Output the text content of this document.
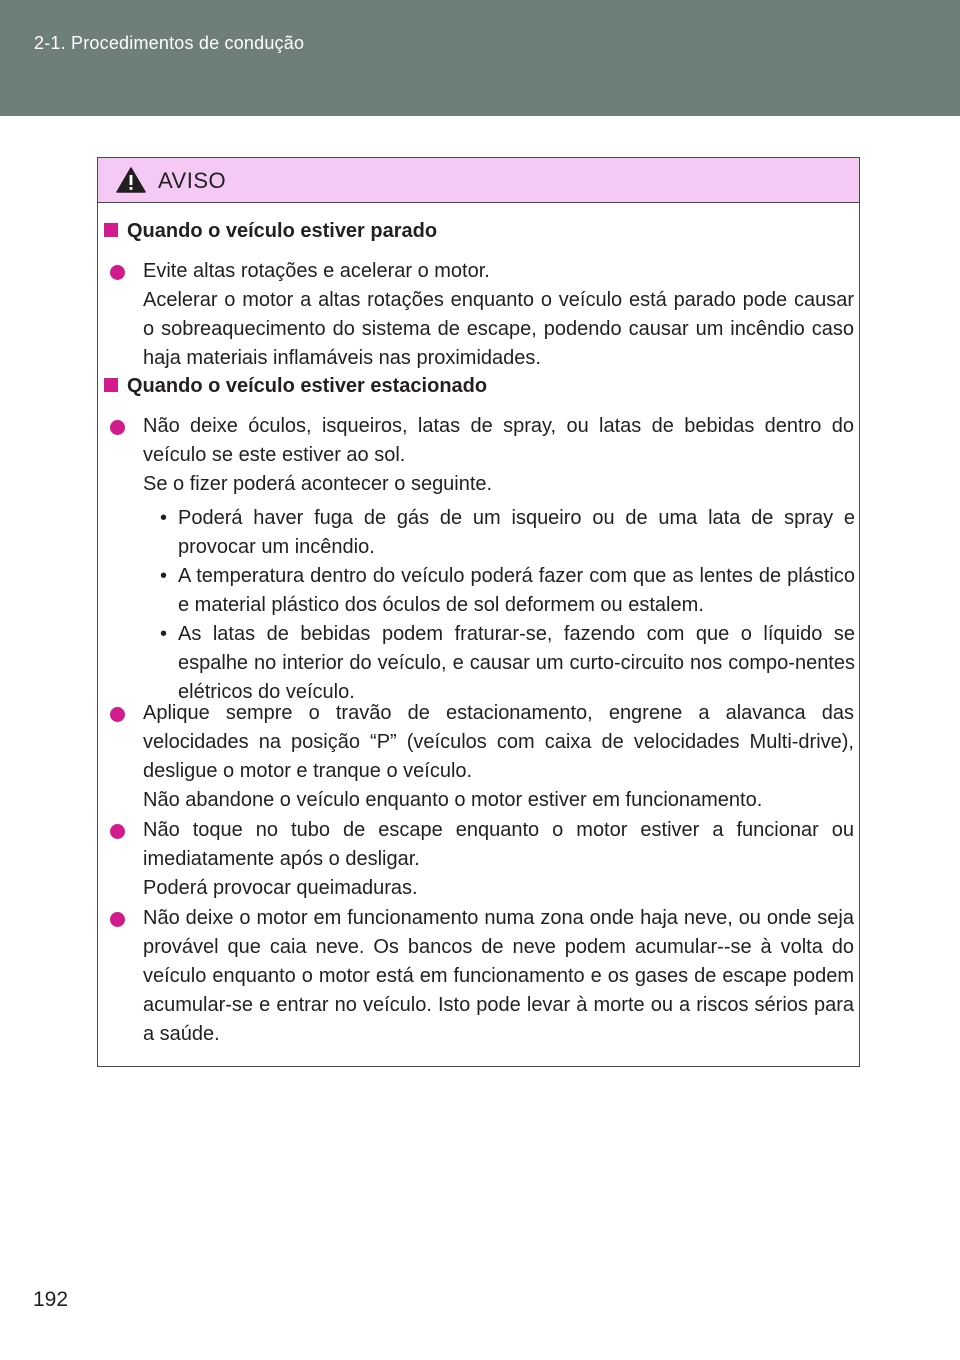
2-1. Procedimentos de condução
AVISO
Quando o veículo estiver parado

Evite altas rotações e acelerar o motor.

Acelerar o motor a altas rotações enquanto o veículo está parado pode causar o sobreaquecimento do sistema de escape, podendo causar um incêndio caso haja materiais inflamáveis nas proximidades.

Quando o veículo estiver estacionado

Não deixe óculos, isqueiros, latas de spray, ou latas de bebidas dentro do veículo se este estiver ao sol.

Se o fizer poderá acontecer o seguinte.

• Poderá haver fuga de gás de um isqueiro ou de uma lata de spray e provocar um incêndio.
• A temperatura dentro do veículo poderá fazer com que as lentes de plástico e material plástico dos óculos de sol deformem ou estalem.
• As latas de bebidas podem fraturar-se, fazendo com que o líquido se espalhe no interior do veículo, e causar um curto-circuito nos compo-nentes elétricos do veículo.

Aplique sempre o travão de estacionamento, engrene a alavanca das velocidades na posição “P” (veículos com caixa de velocidades Multi-drive), desligue o motor e tranque o veículo.

Não abandone o veículo enquanto o motor estiver em funcionamento.

Não toque no tubo de escape enquanto o motor estiver a funcionar ou imediatamente após o desligar.

Poderá provocar queimaduras.

Não deixe o motor em funcionamento numa zona onde haja neve, ou onde seja provável que caia neve. Os bancos de neve podem acumular--se à volta do veículo enquanto o motor está em funcionamento e os gases de escape podem acumular-se e entrar no veículo. Isto pode levar à morte ou a riscos sérios para a saúde.

192
